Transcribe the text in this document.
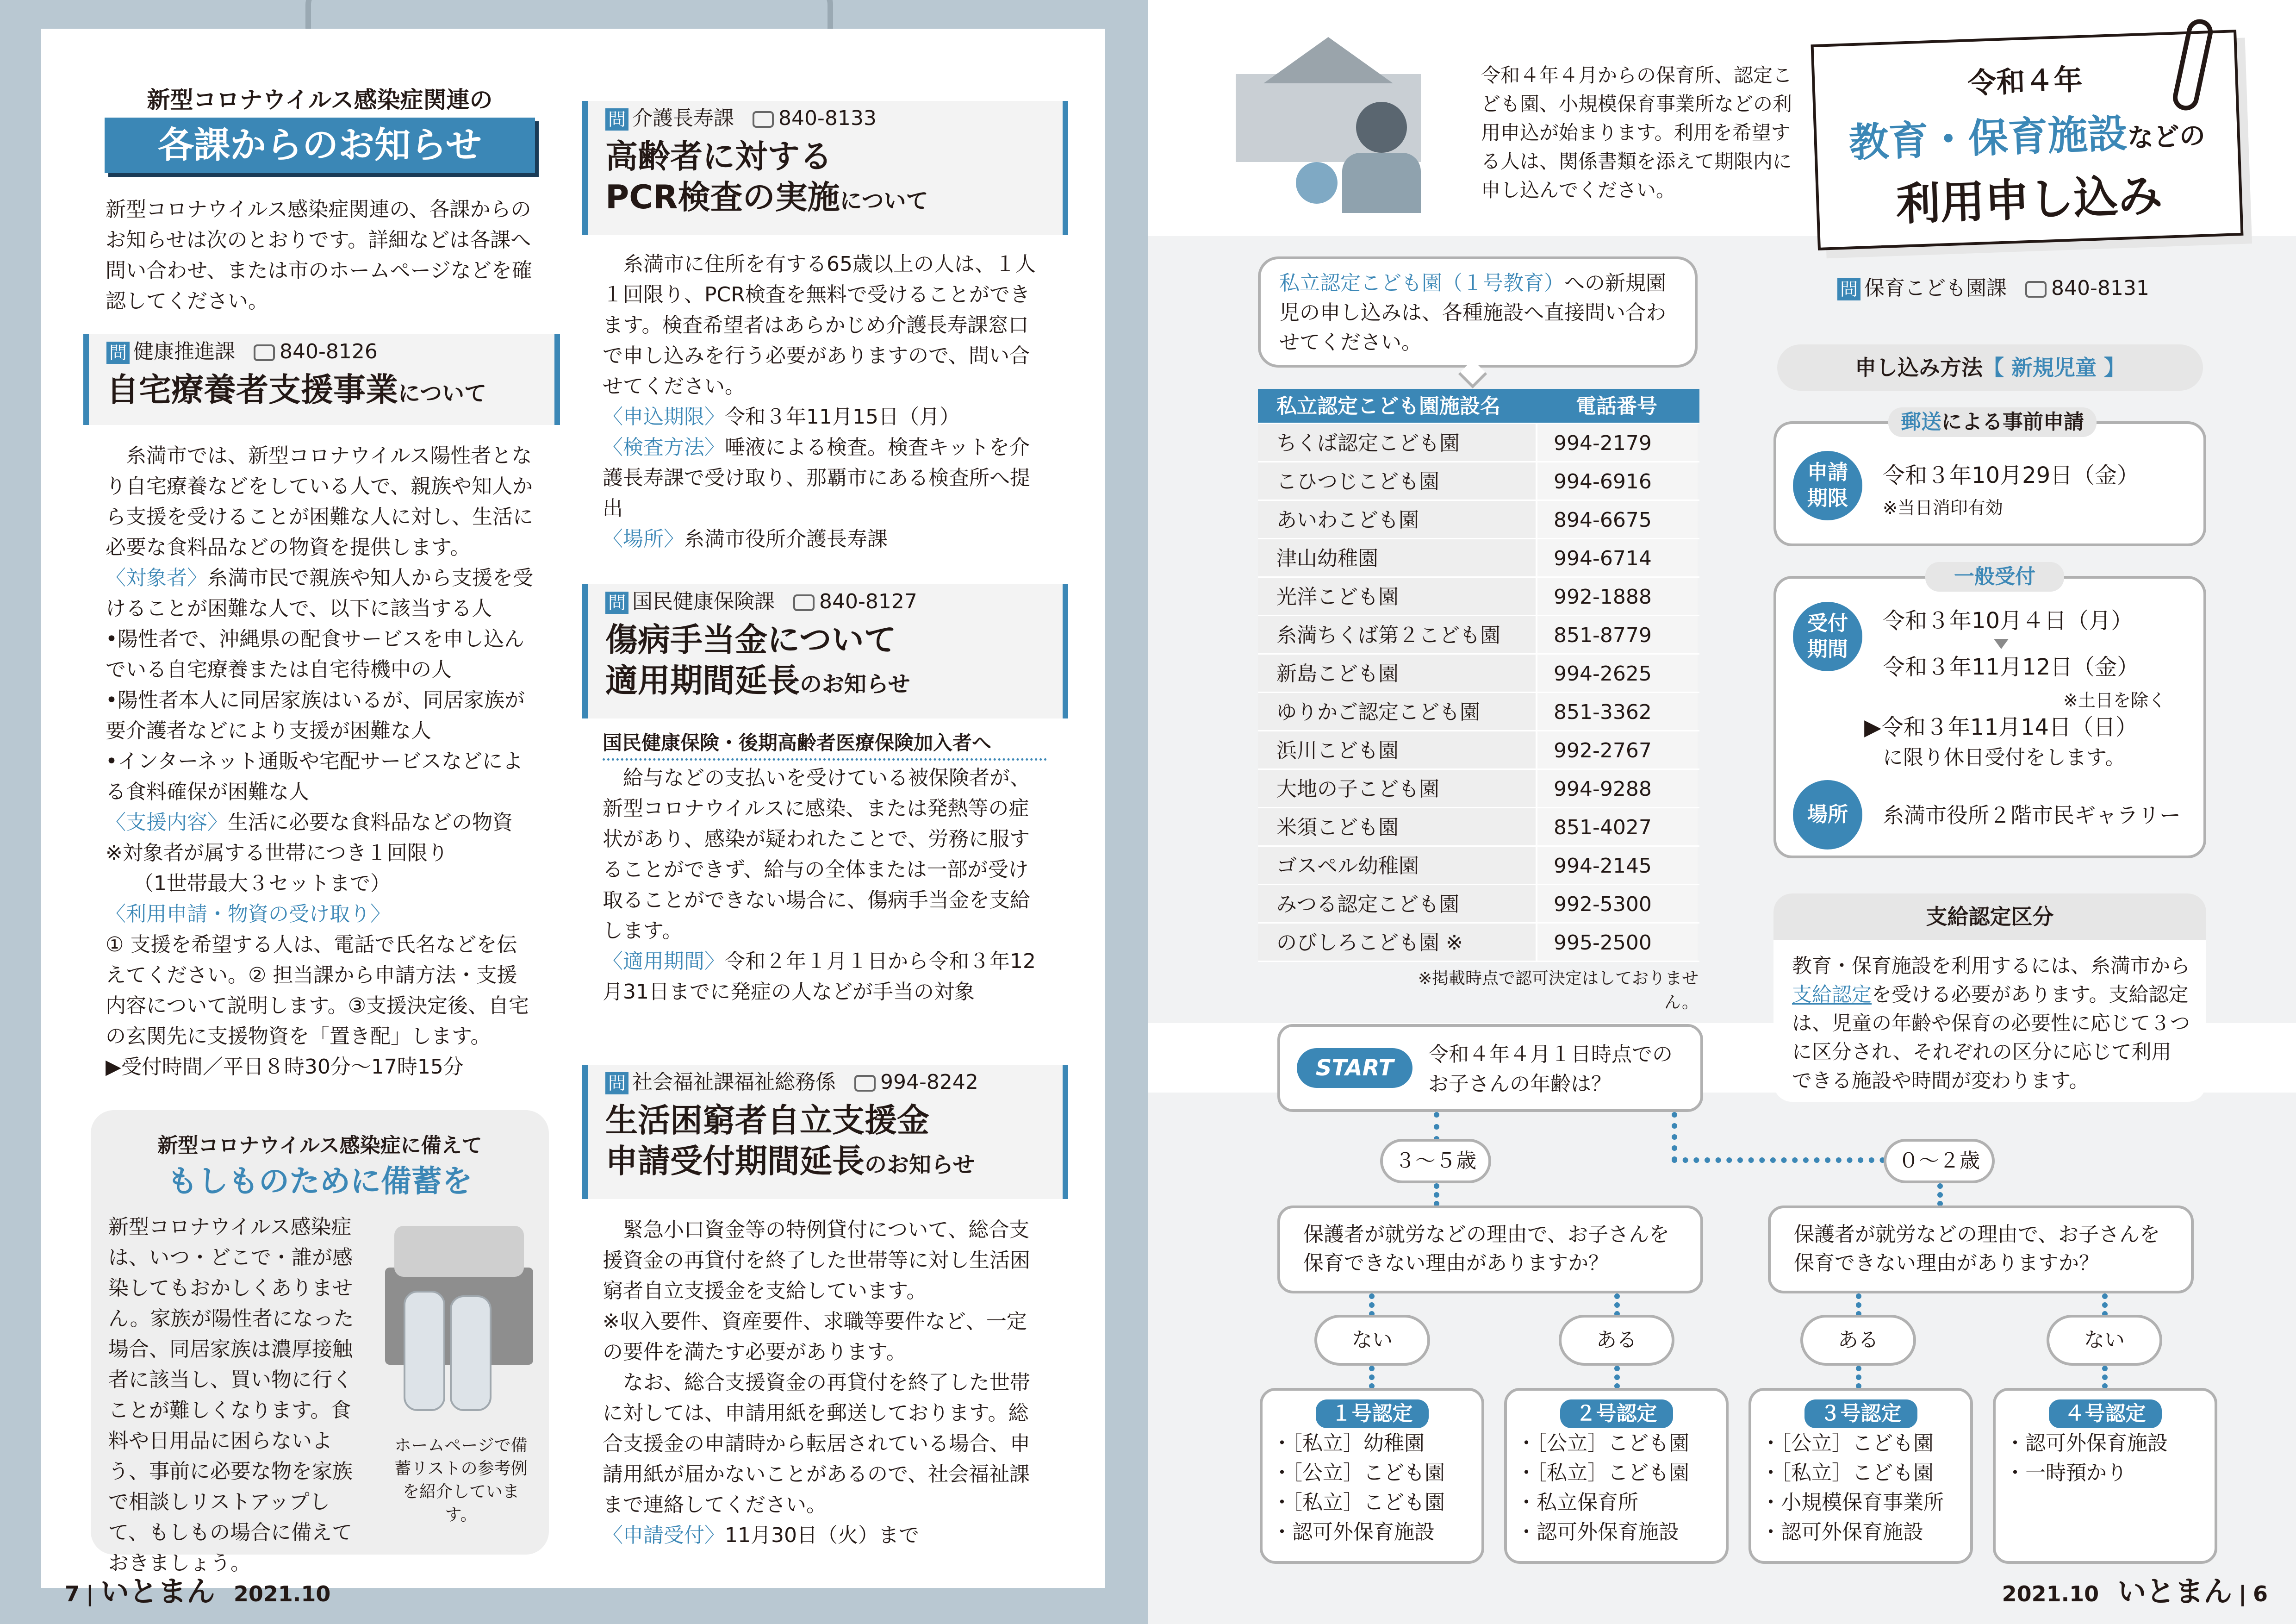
新型コロナウイルス感染症関連の
各課からのお知らせ
新型コロナウイルス感染症関連の、各課からのお知らせは次のとおりです。詳細などは各課へ問い合わせ、または市のホームページなどを確認してください。
問 健康推進課 840-8126
自宅療養者支援事業について
糸満市では、新型コロナウイルス陽性者となり自宅療養などをしている人で、親族や知人から支援を受けることが困難な人に対し、生活に必要な食料品などの物資を提供します。
〈対象者〉糸満市民で親族や知人から支援を受けることが困難な人で、以下に該当する人
•陽性者で、沖縄県の配食サービスを申し込んでいる自宅療養または自宅待機中の人
•陽性者本人に同居家族はいるが、同居家族が要介護者などにより支援が困難な人
•インターネット通販や宅配サービスなどによる食料確保が困難な人
〈支援内容〉生活に必要な食料品などの物資
※対象者が属する世帯につき１回限り
（1世帯最大３セットまで）
〈利用申請・物資の受け取り〉
① 支援を希望する人は、電話で氏名などを伝えてください。② 担当課から申請方法・支援内容について説明します。③支援決定後、自宅の玄関先に支援物資を「置き配」します。
▶受付時間／平日８時30分～17時15分
新型コロナウイルス感染症に備えて
もしものために備蓄を
新型コロナウイルス感染症は、いつ・どこで・誰が感染してもおかしくありません。家族が陽性者になった場合、同居家族は濃厚接触者に該当し、買い物に行くことが難しくなります。食料や日用品に困らないよう、事前に必要な物を家族で相談しリストアップして、もしもの場合に備えておきましょう。
ホームページで備蓄リストの参考例を紹介しています。
問 介護長寿課 840-8133
高齢者に対する
PCR検査の実施について
糸満市に住所を有する65歳以上の人は、１人１回限り、PCR検査を無料で受けることができます。検査希望者はあらかじめ介護長寿課窓口で申し込みを行う必要がありますので、問い合せてください。
〈申込期限〉令和３年11月15日（月）
〈検査方法〉唾液による検査。検査キットを介護長寿課で受け取り、那覇市にある検査所へ提出
〈場所〉糸満市役所介護長寿課
問 国民健康保険課 840-8127
傷病手当金について
適用期間延長のお知らせ
国民健康保険・後期高齢者医療保険加入者へ
給与などの支払いを受けている被保険者が、新型コロナウイルスに感染、または発熱等の症状があり、感染が疑われたことで、労務に服することができず、給与の全体または一部が受け取ることができない場合に、傷病手当金を支給します。
〈適用期間〉令和２年１月１日から令和３年12月31日までに発症の人などが手当の対象
問 社会福祉課福祉総務係 994-8242
生活困窮者自立支援金
申請受付期間延長のお知らせ
緊急小口資金等の特例貸付について、総合支援資金の再貸付を終了した世帯等に対し生活困窮者自立支援金を支給しています。
※収入要件、資産要件、求職等要件など、一定の要件を満たす必要があります。
なお、総合支援資金の再貸付を終了した世帯に対しては、申請用紙を郵送しております。総合支援金の申請時から転居されている場合、申請用紙が届かないことがあるので、社会福祉課まで連絡してください。
〈申請受付〉11月30日（火）まで
7 | いとまん 2021.10
令和４年４月からの保育所、認定こども園、小規模保育事業所などの利用申込が始まります。利用を希望する人は、関係書類を添えて期限内に申し込んでください。
令和４年
教育・保育施設などの
利用申し込み
問 保育こども園課 840-8131
私立認定こども園（１号教育）への新規園児の申し込みは、各種施設へ直接問い合わせてください。
私立認定こども園施設名	電話番号
ちくば認定こども園	994-2179
こひつじこども園	994-6916
あいわこども園	894-6675
津山幼稚園	994-6714
光洋こども園	992-1888
糸満ちくば第２こども園	851-8779
新島こども園	994-2625
ゆりかご認定こども園	851-3362
浜川こども園	992-2767
大地の子こども園	994-9288
米須こども園	851-4027
ゴスペル幼稚園	994-2145
みつる認定こども園	992-5300
のびしろこども園 ※	995-2500
※掲載時点で認可決定はしておりません。
申し込み方法【 新規児童 】
申請期限
令和３年10月29日（金）
※当日消印有効
郵送による事前申請
受付期間
令和３年10月４日（月）
令和３年11月12日（金）
※土日を除く
▶令和３年11月14日（日）
に限り休日受付をします。
場所 糸満市役所２階市民ギャラリー
一般受付
支給認定区分
教育・保育施設を利用するには、糸満市から支給認定を受ける必要があります。支給認定は、児童の年齢や保育の必要性に応じて３つに区分され、それぞれの区分に応じて利用できる施設や時間が変わります。
START
令和４年４月１日時点でのお子さんの年齢は？
３～５歳	０～２歳
保護者が就労などの理由で、お子さんを保育できない理由がありますか？
保護者が就労などの理由で、お子さんを保育できない理由がありますか？
ない	ある	ある	ない
１号認定
・［私立］幼稚園
・［公立］こども園
・［私立］こども園
・認可外保育施設
２号認定
・［公立］こども園
・［私立］こども園
・私立保育所
・認可外保育施設
３号認定
・［公立］こども園
・［私立］こども園
・小規模保育事業所
・認可外保育施設
４号認定
・認可外保育施設
・一時預かり
2021.10 いとまん | 6
